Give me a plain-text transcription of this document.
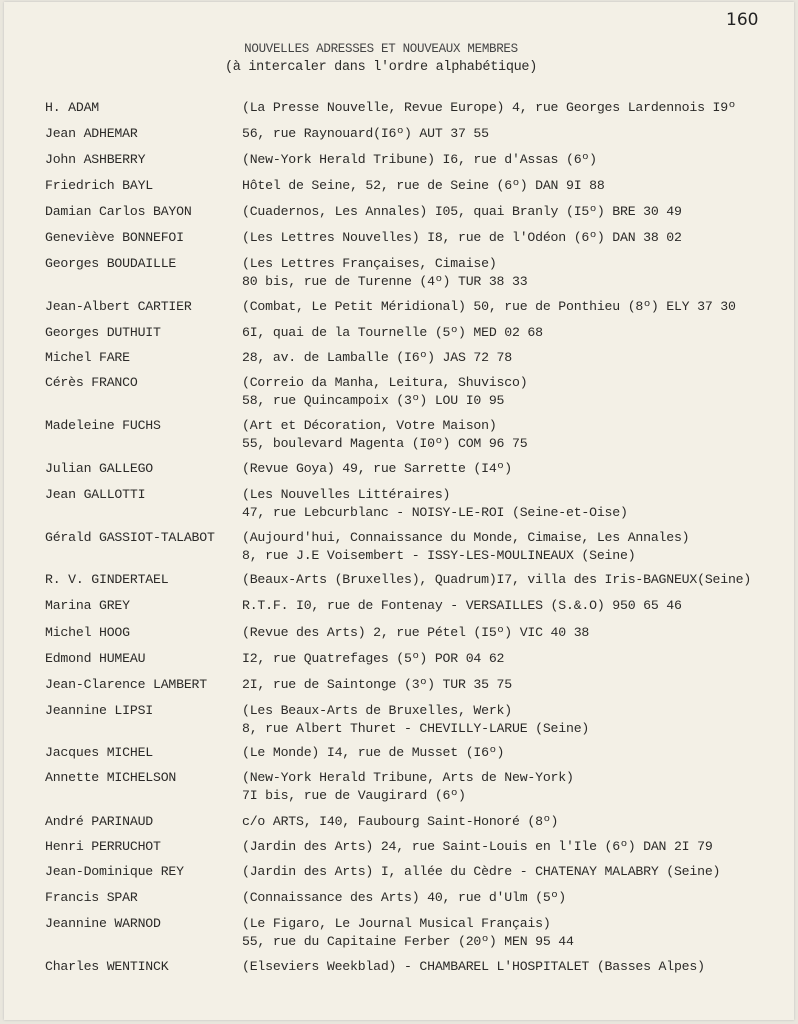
160
NOUVELLES ADRESSES ET NOUVEAUX MEMBRES
(à intercaler dans l'ordre alphabétique)
H. ADAM	(La Presse Nouvelle, Revue Europe) 4, rue Georges Lardennois I9º
Jean ADHEMAR	56, rue Raynouard(I6º) AUT 37 55
John ASHBERRY	(New-York Herald Tribune) I6, rue d'Assas (6º)
Friedrich BAYL	Hôtel de Seine, 52, rue de Seine (6º) DAN 9I 88
Damian Carlos BAYON	(Cuadernos, Les Annales) I05, quai Branly (I5º) BRE 30 49
Geneviève BONNEFOI	(Les Lettres Nouvelles) I8, rue de l'Odéon (6º) DAN 38 02
Georges BOUDAILLE	(Les Lettres Françaises, Cimaise)
80 bis, rue de Turenne (4º) TUR 38 33
Jean-Albert CARTIER	(Combat, Le Petit Méridional) 50, rue de Ponthieu (8º) ELY 37 30
Georges DUTHUIT	6I, quai de la Tournelle (5º) MED 02 68
Michel FARE	28, av. de Lamballe (I6º) JAS 72 78
Cérès FRANCO	(Correio da Manha, Leitura, Shuvisco)
58, rue Quincampoix (3º) LOU I0 95
Madeleine FUCHS	(Art et Décoration, Votre Maison)
55, boulevard Magenta (I0º) COM 96 75
Julian GALLEGO	(Revue Goya) 49, rue Sarrette (I4º)
Jean GALLOTTI	(Les Nouvelles Littéraires)
47, rue Lebcurblanc - NOISY-LE-ROI (Seine-et-Oise)
Gérald GASSIOT-TALABOT (Aujourd'hui, Connaissance du Monde, Cimaise, Les Annales)
8, rue J.E Voisembert - ISSY-LES-MOULINEAUX (Seine)
R. V. GINDERTAEL	(Beaux-Arts (Bruxelles), Quadrum)I7, villa des Iris-BAGNEUX(Seine)
Marina GREY	R.T.F. I0, rue de Fontenay - VERSAILLES (S.&.O) 950 65 46
Michel HOOG	(Revue des Arts) 2, rue Pétel (I5º) VIC 40 38
Edmond HUMEAU	I2, rue Quatrefages (5º) POR 04 62
Jean-Clarence LAMBERT	2I, rue de Saintonge (3º) TUR 35 75
Jeannine LIPSI	(Les Beaux-Arts de Bruxelles, Werk)
8, rue Albert Thuret - CHEVILLY-LARUE (Seine)
Jacques MICHEL	(Le Monde) I4, rue de Musset (I6º)
Annette MICHELSON	(New-York Herald Tribune, Arts de New-York)
7I bis, rue de Vaugirard (6º)
André PARINAUD	c/o ARTS, I40, Faubourg Saint-Honoré (8º)
Henri PERRUCHOT	(Jardin des Arts) 24, rue Saint-Louis en l'Ile (6º) DAN 2I 79
Jean-Dominique REY	(Jardin des Arts) I, allée du Cèdre - CHATENAY MALABRY (Seine)
Francis SPAR	(Connaissance des Arts) 40, rue d'Ulm (5º)
Jeannine WARNOD	(Le Figaro, Le Journal Musical Français)
55, rue du Capitaine Ferber (20º) MEN 95 44
Charles WENTINCK	(Elseviers Weekblad) - CHAMBAREL L'HOSPITALET (Basses Alpes)
